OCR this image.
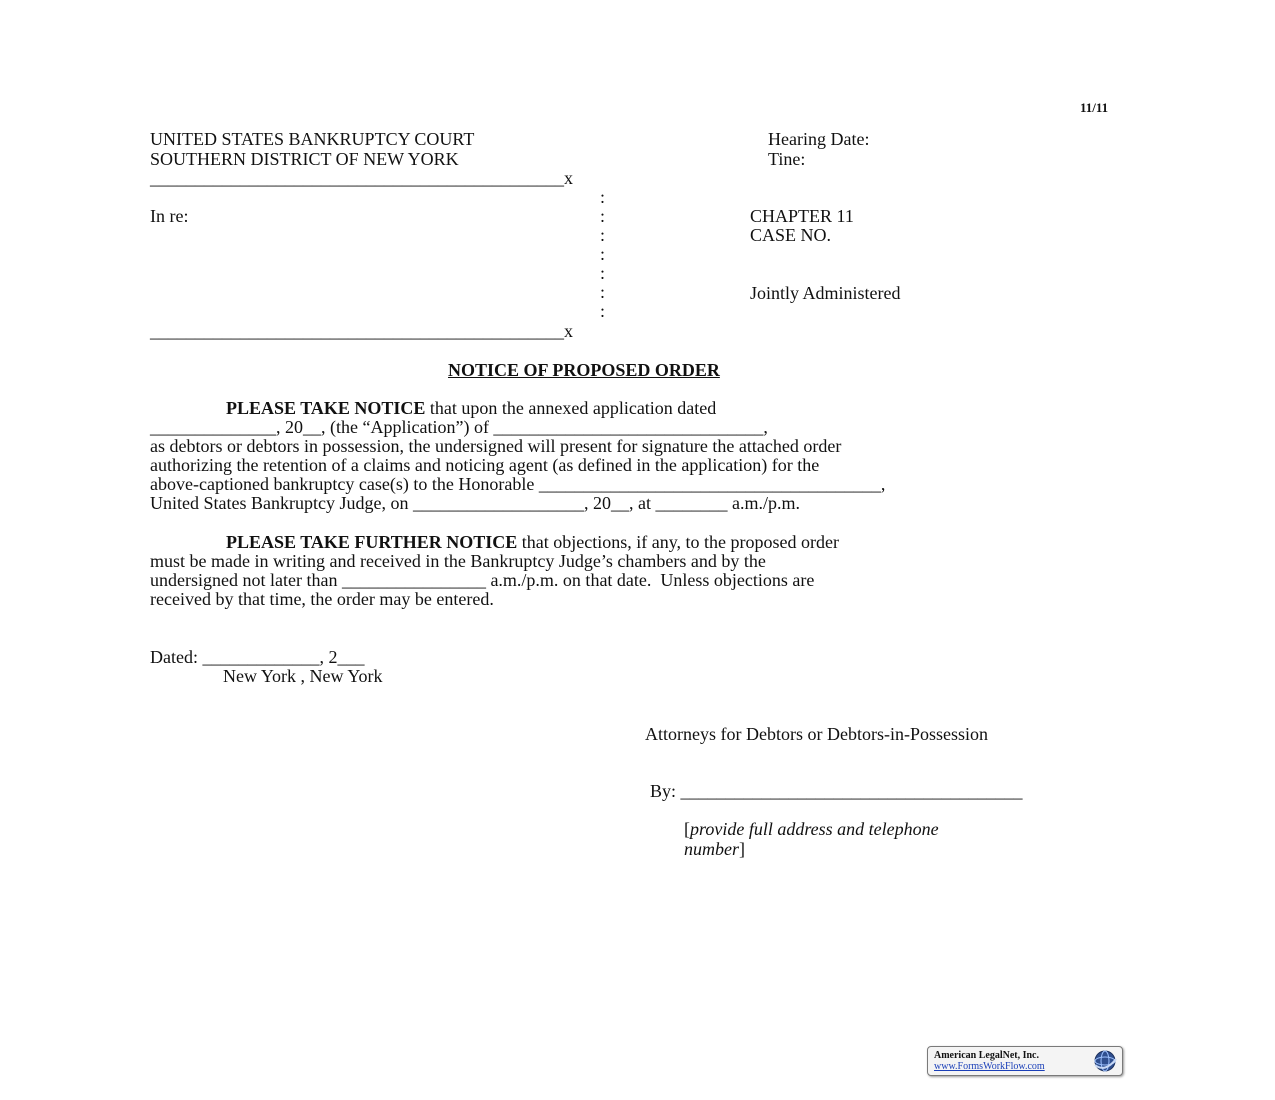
11/11
UNITED STATES BANKRUPTCY COURT
SOUTHERN DISTRICT OF NEW YORK
Hearing Date:
Tine:
______________________________________________x
:
:
:
:
:
:
:
In re:	CHAPTER 11
CASE NO.
Jointly Administered
______________________________________________x
NOTICE OF PROPOSED ORDER
PLEASE TAKE NOTICE that upon the annexed application dated
______________, 20__, (the “Application”) of ______________________________,
as debtors or debtors in possession, the undersigned will present for signature the attached order
authorizing the retention of a claims and noticing agent (as defined in the application) for the
above-captioned bankruptcy case(s) to the Honorable ______________________________________,
United States Bankruptcy Judge, on ___________________, 20__, at ________ a.m./p.m.
PLEASE TAKE FURTHER NOTICE that objections, if any, to the proposed order
must be made in writing and received in the Bankruptcy Judge’s chambers and by the
undersigned not later than ________________ a.m./p.m. on that date.  Unless objections are
received by that time, the order may be entered.
Dated: _____________, 2___
New York , New York
Attorneys for Debtors or Debtors-in-Possession
By: ______________________________________
[provide full address and telephone
number]
American LegalNet, Inc.
www.FormsWorkFlow.com
